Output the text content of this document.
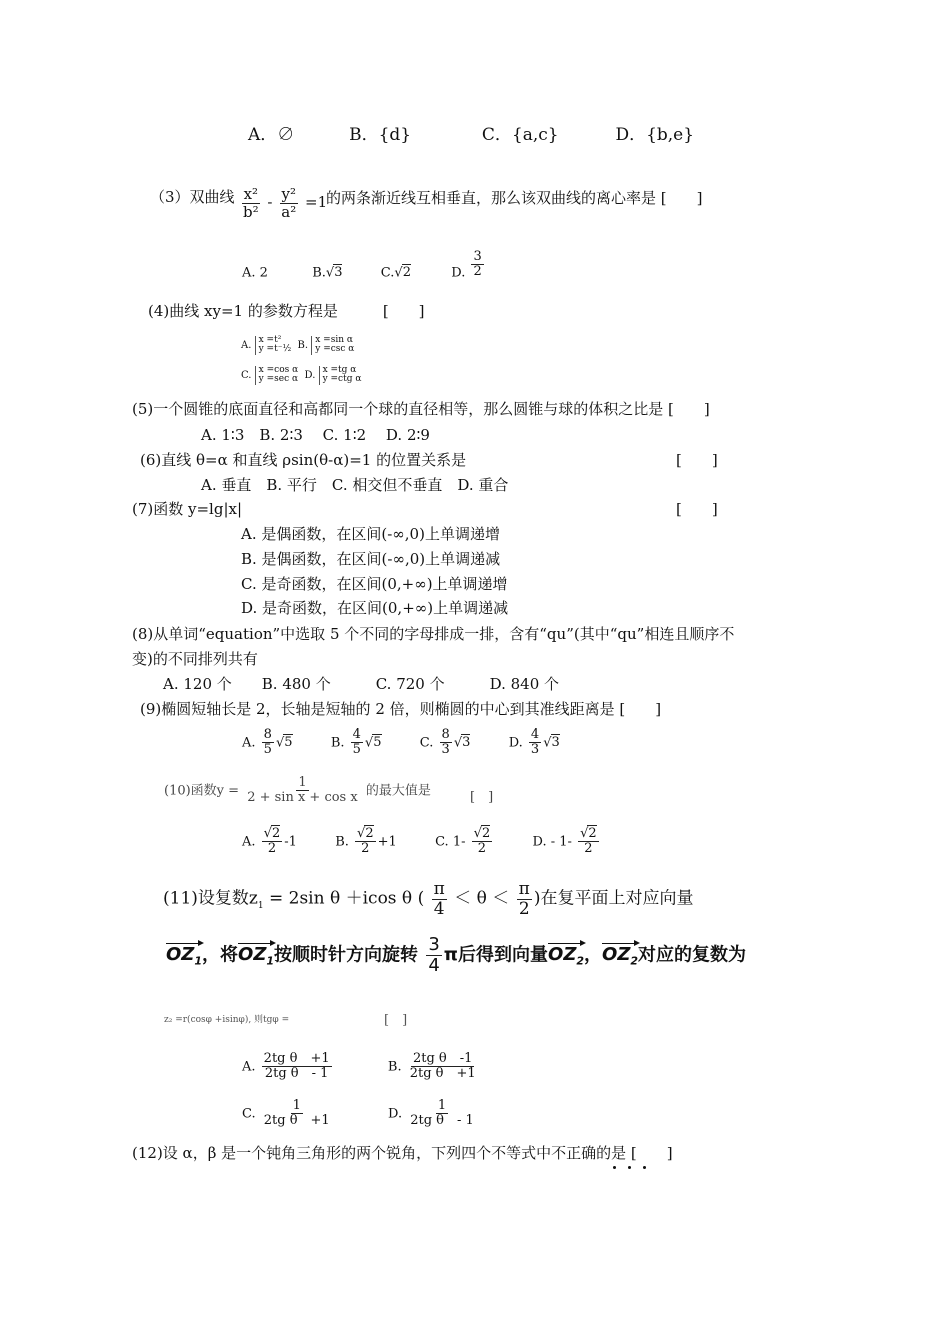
A．∅	B．{d}	C．{a,c}	D．{b,e}
（3）双曲线 $\frac{\text{x²}}{\text{b²}} - \frac{\text{y²}}{\text{a²}} =1$
的两条渐近线互相垂直，那么该双曲线的离心率是 [　　]
A. 2	B.√3	C.√2	D. $\frac{3}{2}$
(4)曲线 xy=1 的参数方程是　　　[　　]
A. x =t²
y =t⁻½ B. x =sin α
y =csc α
C. x =cos α
y =sec α D. x =tg α
y =ctg α
(5)一个圆锥的底面直径和高都同一个球的直径相等，那么圆锥与球的体积之比是 [　　]
A. 1∶3　B. 2∶3　 C. 1∶2　 D. 2∶9
(6)直线 θ=α 和直线 ρsin(θ-α)=1 的位置关系是	[　　]
A. 垂直　B. 平行　C. 相交但不垂直　D. 重合
(7)函数 y=lg|x|	[　　]
A. 是偶函数，在区间(-∞,0)上单调递增
B. 是偶函数，在区间(-∞,0)上单调递减
C. 是奇函数，在区间(0,+∞)上单调递增
D. 是奇函数，在区间(0,+∞)上单调递减
(8)从单词“equation”中选取 5 个不同的字母排成一排，含有“qu”(其中“qu”相连且顺序不
变)的不同排列共有
A. 120 个　　B. 480 个　　　C. 720 个　　　D. 840 个
(9)椭圆短轴长是 2，长轴是短轴的 2 倍，则椭圆的中心到其准线距离是 [　　]
A. $\frac{8}{5} √5$	B. $\frac{4}{5} √5$	C. $\frac{8}{3} √3$	D. $\frac{4}{3} √3$
(10)函数$y = \frac{1}{\text{2 + sin x + cos x}}$ 的最大值是	[　]
A. $\frac{√2}{2} -1$	B. $\frac{√2}{2} +1$	C. $1- \frac{√2}{2}$	D. - $1- \frac{√2}{2}$
(11)设复数$z_1 = 2\sin$ θ ＋icos θ ( $\frac{\pi}{4} < \theta < \frac{\pi}{2}$ )在复平面上对应向量
$OZ_1$，将$OZ_1$按顺时针方向旋转 $\frac{3}{4}$ π后得到向量$OZ_2$，$OZ_2$对应的复数为
z₂ =r(cosφ +isinφ), 则tgφ =	[　]
A. $\frac{\text{2tg θ　+1}}{\text{2tg θ　- 1}}$	B. $\frac{\text{2tg θ　-1}}{\text{2tg θ　+1}}$
C. $\frac{1}{\text{2tg θ　+1}}$	D. $\frac{1}{\text{2tg θ　- 1}}$
(12)设 α，β 是一个钝角三角形的两个锐角，下列四个不等式中不正确的是 [　　]
